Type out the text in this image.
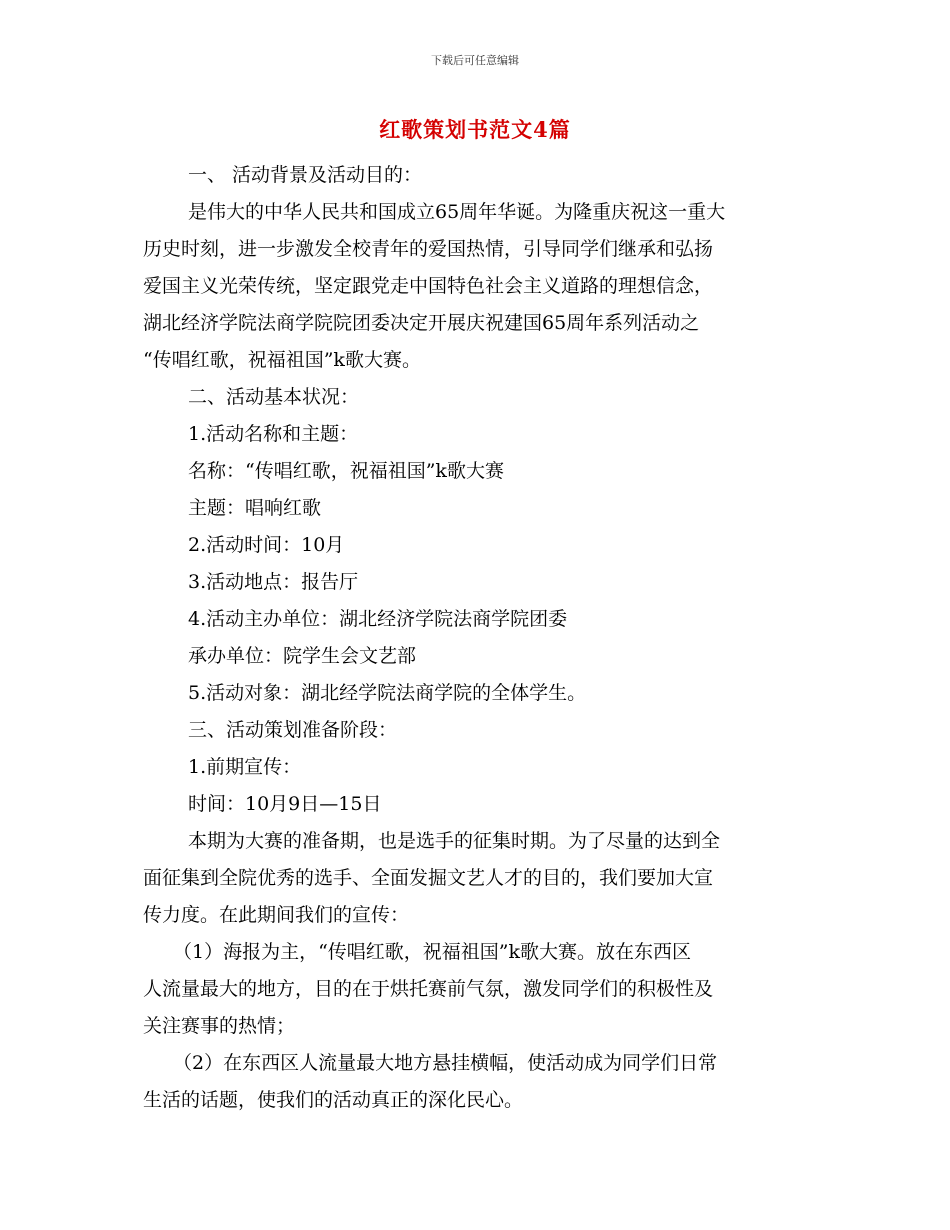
下载后可任意编辑
红歌策划书范文4篇
一、 活动背景及活动目的：
是伟大的中华人民共和国成立65周年华诞。为隆重庆祝这一重大
历史时刻，进一步激发全校青年的爱国热情，引导同学们继承和弘扬
爱国主义光荣传统，坚定跟党走中国特色社会主义道路的理想信念，
湖北经济学院法商学院院团委决定开展庆祝建国65周年系列活动之
“传唱红歌，祝福祖国”k歌大赛。
二、活动基本状况：
1.活动名称和主题：
名称：“传唱红歌，祝福祖国”k歌大赛
主题：唱响红歌
2.活动时间：10月
3.活动地点：报告厅
4.活动主办单位：湖北经济学院法商学院团委
承办单位：院学生会文艺部
5.活动对象：湖北经学院法商学院的全体学生。
三、活动策划准备阶段：
1.前期宣传：
时间：10月9日—15日
本期为大赛的准备期，也是选手的征集时期。为了尽量的达到全
面征集到全院优秀的选手、全面发掘文艺人才的目的，我们要加大宣
传力度。在此期间我们的宣传：
（1）海报为主，“传唱红歌，祝福祖国”k歌大赛。放在东西区
人流量最大的地方，目的在于烘托赛前气氛，激发同学们的积极性及
关注赛事的热情；
（2）在东西区人流量最大地方悬挂横幅，使活动成为同学们日常
生活的话题，使我们的活动真正的深化民心。
